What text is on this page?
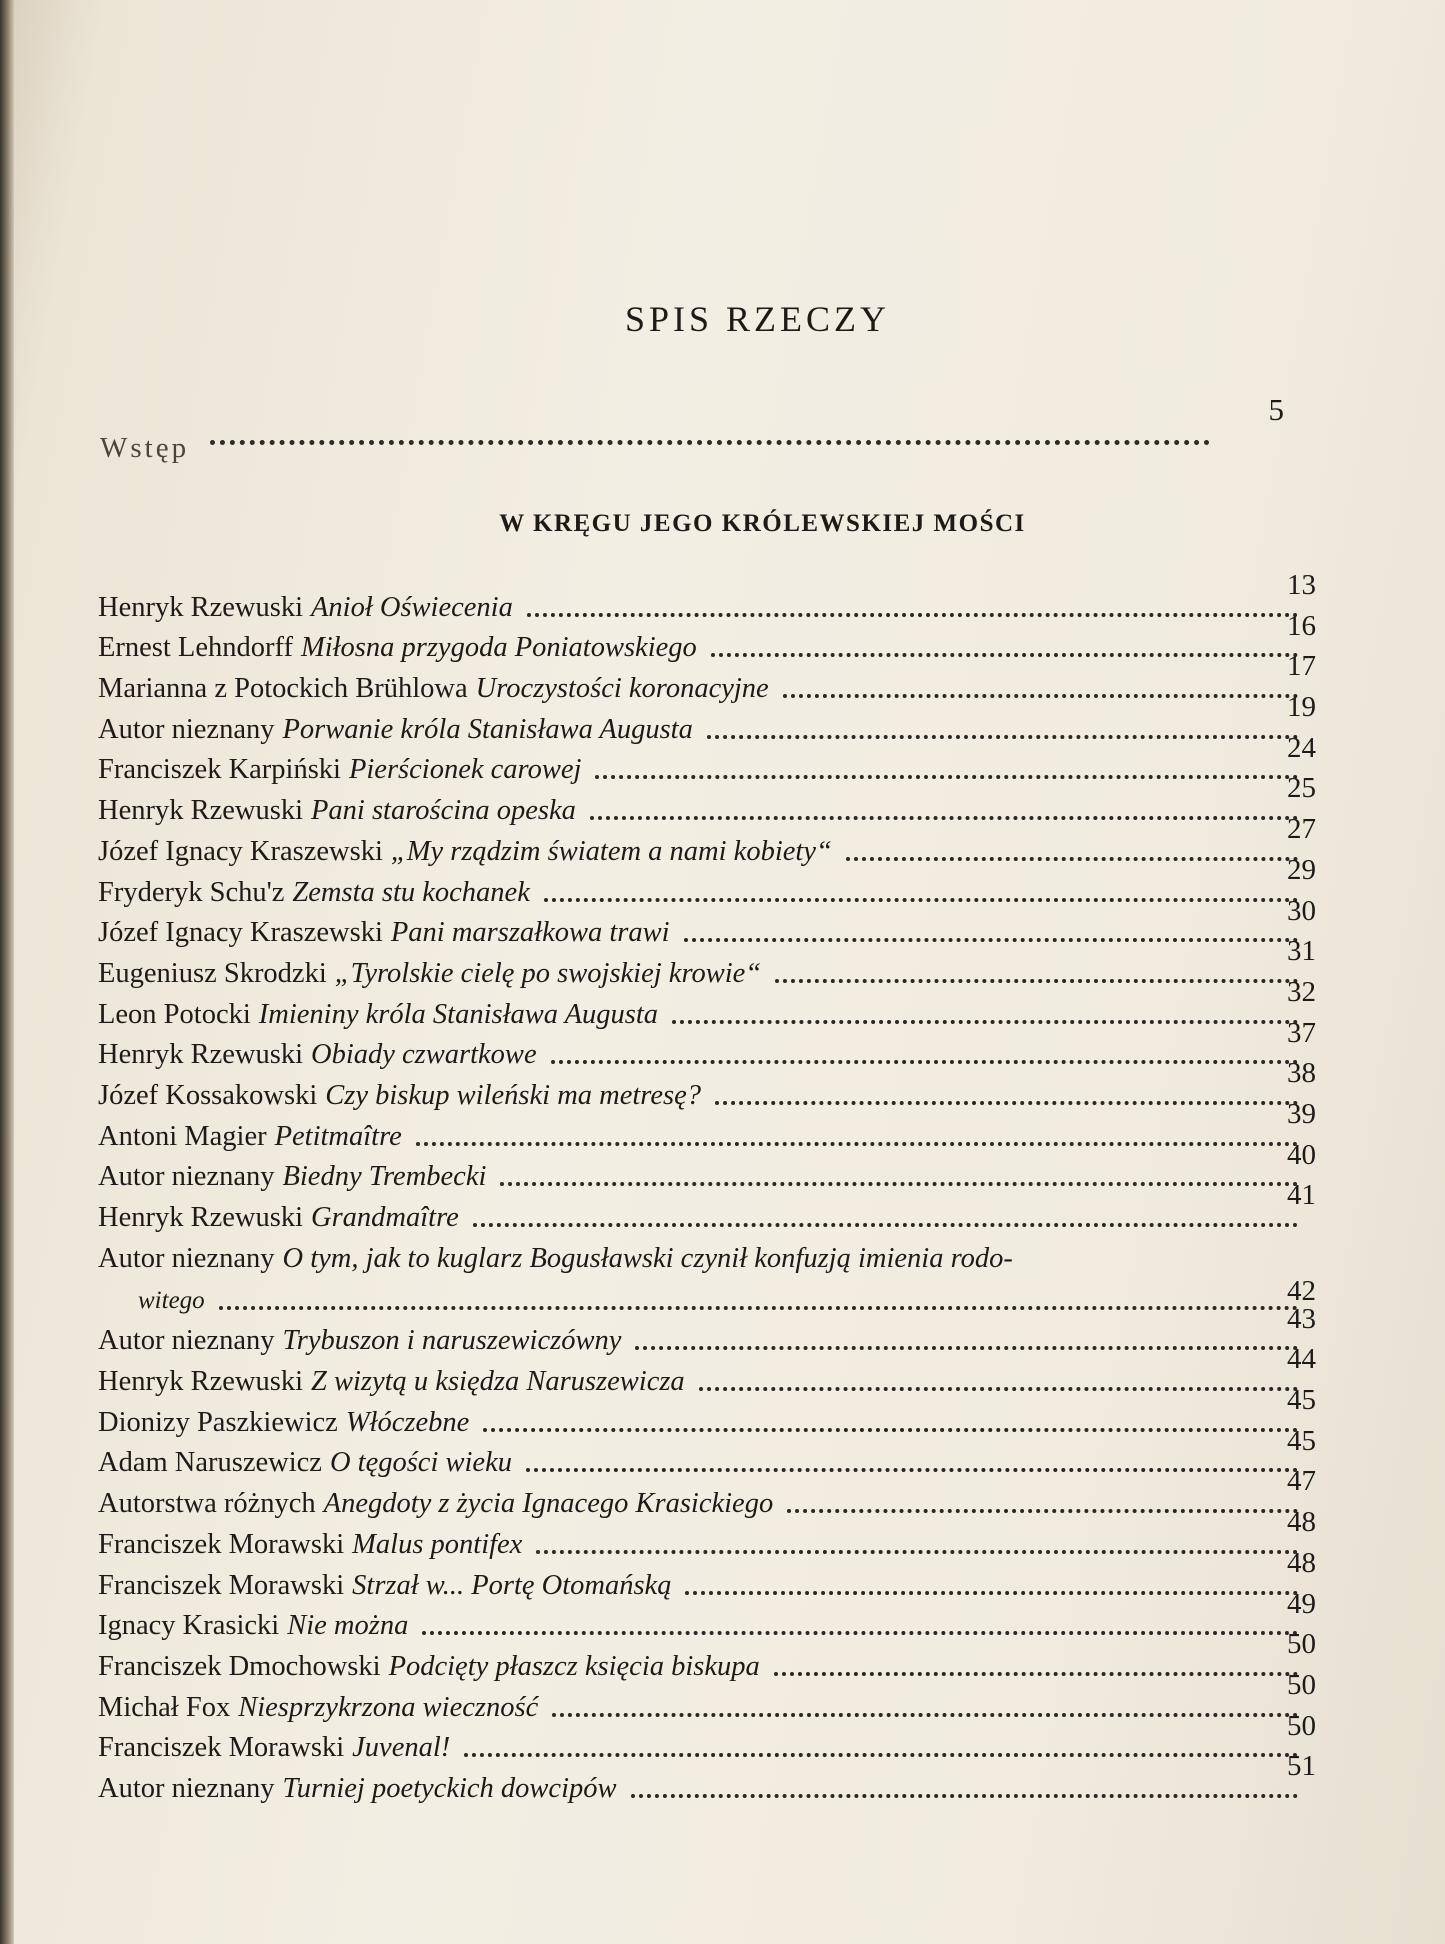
SPIS RZECZY
5
Wstęp
W KRĘGU JEGO KRÓLEWSKIEJ MOŚCI
Henryk Rzewuski Anioł Oświecenia
13
Ernest Lehndorff Miłosna przygoda Poniatowskiego
16
Marianna z Potockich Brühlowa Uroczystości koronacyjne
17
Autor nieznany Porwanie króla Stanisława Augusta
19
Franciszek Karpiński Pierścionek carowej
24
Henryk Rzewuski Pani starościna opeska
25
Józef Ignacy Kraszewski „My rządzim światem a nami kobiety“
27
Fryderyk Schu'z Zemsta stu kochanek
29
Józef Ignacy Kraszewski Pani marszałkowa trawi
30
Eugeniusz Skrodzki „Tyrolskie cielę po swojskiej krowie“
31
Leon Potocki Imieniny króla Stanisława Augusta
32
Henryk Rzewuski Obiady czwartkowe
37
Józef Kossakowski Czy biskup wileński ma metresę?
38
Antoni Magier Petitmaître
39
Autor nieznany Biedny Trembecki
40
Henryk Rzewuski Grandmaître
41
Autor nieznany O tym, jak to kuglarz Bogusławski czynił konfuzją imienia rodo-
witego	42
Autor nieznany Trybuszon i naruszewiczówny
43
Henryk Rzewuski Z wizytą u księdza Naruszewicza
44
Dionizy Paszkiewicz Włóczebne
45
Adam Naruszewicz O tęgości wieku
45
Autorstwa różnych Anegdoty z życia Ignacego Krasickiego
47
Franciszek Morawski Malus pontifex
48
Franciszek Morawski Strzał w... Portę Otomańską
48
Ignacy Krasicki Nie można
49
Franciszek Dmochowski Podcięty płaszcz księcia biskupa
50
Michał Fox Niesprzykrzona wieczność
50
Franciszek Morawski Juvenal!
50
Autor nieznany Turniej poetyckich dowcipów
51
